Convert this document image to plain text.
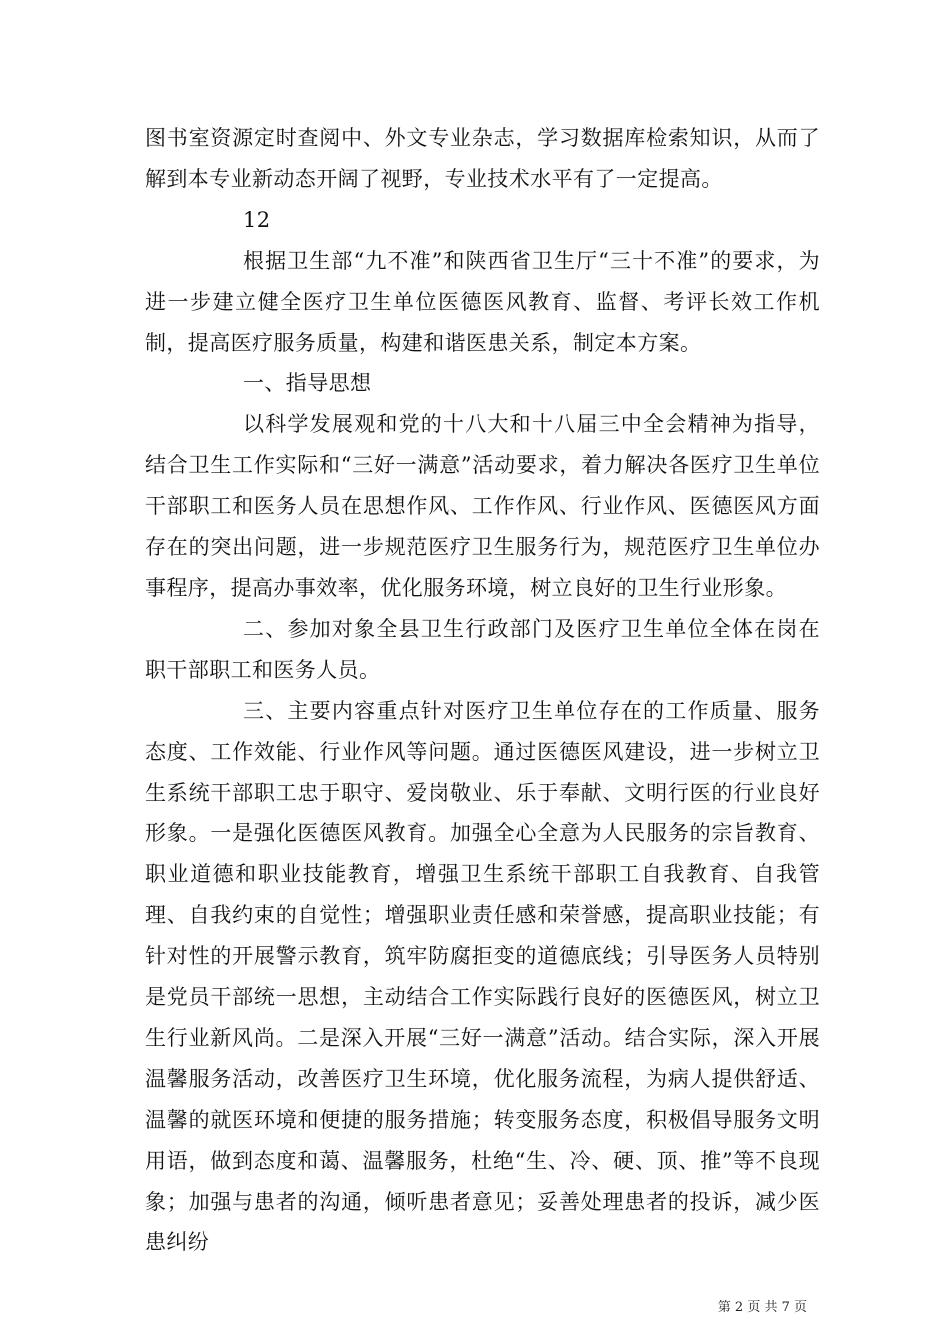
图书室资源定时查阅中、外文专业杂志，学习数据库检索知识，从而了解到本专业新动态开阔了视野，专业技术水平有了一定提高。

12

根据卫生部“九不准”和陕西省卫生厅“三十不准”的要求，为进一步建立健全医疗卫生单位医德医风教育、监督、考评长效工作机制，提高医疗服务质量，构建和谐医患关系，制定本方案。

一、指导思想

以科学发展观和党的十八大和十八届三中全会精神为指导，结合卫生工作实际和“三好一满意”活动要求，着力解决各医疗卫生单位干部职工和医务人员在思想作风、工作作风、行业作风、医德医风方面存在的突出问题，进一步规范医疗卫生服务行为，规范医疗卫生单位办事程序，提高办事效率，优化服务环境，树立良好的卫生行业形象。

二、参加对象全县卫生行政部门及医疗卫生单位全体在岗在职干部职工和医务人员。

三、主要内容重点针对医疗卫生单位存在的工作质量、服务态度、工作效能、行业作风等问题。通过医德医风建设，进一步树立卫生系统干部职工忠于职守、爱岗敬业、乐于奉献、文明行医的行业良好形象。一是强化医德医风教育。加强全心全意为人民服务的宗旨教育、职业道德和职业技能教育，增强卫生系统干部职工自我教育、自我管理、自我约束的自觉性；增强职业责任感和荣誉感，提高职业技能；有针对性的开展警示教育，筑牢防腐拒变的道德底线；引导医务人员特别是党员干部统一思想，主动结合工作实际践行良好的医德医风，树立卫生行业新风尚。二是深入开展“三好一满意”活动。结合实际，深入开展温馨服务活动，改善医疗卫生环境，优化服务流程，为病人提供舒适、温馨的就医环境和便捷的服务措施；转变服务态度，积极倡导服务文明用语，做到态度和蔼、温馨服务，杜绝“生、冷、硬、顶、推”等不良现象；加强与患者的沟通，倾听患者意见；妥善处理患者的投诉，减少医患纠纷

第 2 页 共 7 页
